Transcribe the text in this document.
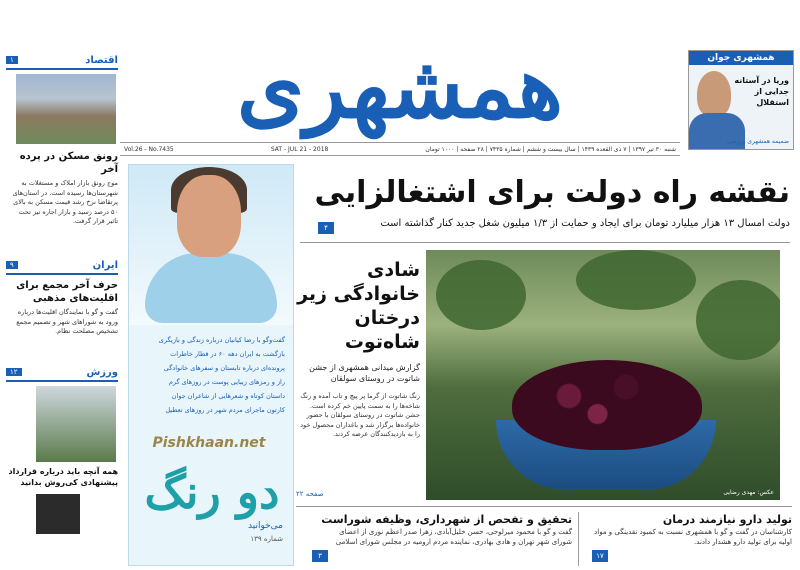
همشهری
Vol.26 - No.7435	SAT - JUL 21 - 2018	شنبه ۳۰ تیر ۱۳۹۷ | ۷ ذی القعده ۱۴۳۹ | سال بیست و ششم | شماره ۷۴۳۵ | ۲۸ صفحه | ۱۰۰۰ تومان
همشهری جوان
وریا در آستانه جدایی از استقلال
ضمیمه همشهری ورزشی
اقتصاد
۱
رونق مسکن در پرده آخر
موج رونق بازار املاک و مستغلات به شهرستان‌ها رسیده است. در استان‌های پرتقاضا نرخ رشد قیمت مسکن به بالای ۵۰ درصد رسید و بازار اجاره نیز تحت تاثیر قرار گرفت.
ایران
۹
حرف آخر مجمع برای اقلیت‌های مذهبی
گفت و گو با نمایندگان اقلیت‌ها درباره ورود به شوراهای شهر و تصمیم مجمع تشخیص مصلحت نظام.
ورزش
۱۲
همه آنچه باید درباره قرارداد پیشنهادی کی‌روش بدانید
گفت‌وگو با رضا کیانیان درباره زندگی و بازیگری
بازگشت به ایران دهه ۶۰ در قطار خاطرات
پرونده‌ای درباره تابستان و سفرهای خانوادگی
راز و رمزهای زیبایی پوست در روزهای گرم
داستان کوتاه و شعرهایی از شاعران جوان
کارتون ماجرای مردم شهر در روزهای تعطیل
Pishkhaan.net
دو رنگ
می‌خوانید
شماره ۱۳۹
نقشه راه دولت برای اشتغالزایی
دولت امسال ۱۳ هزار میلیارد تومان برای ایجاد و حمایت از ۱/۳ میلیون شغل جدید کنار گذاشته است
۴
شادی خانوادگی زیر درختان شاه‌توت
گزارش میدانی همشهری از جشن شاتوت در روستای سولقان
رنگ شاتوت از گرما پر پیچ و تاب آمده و رنگ شاخه‌ها را به سمت پایین خم کرده است. جشن شاتوت در روستای سولقان با حضور خانواده‌ها برگزار شد و باغداران محصول خود را به بازدیدکنندگان عرضه کردند.
صفحه ۲۲	عکس: مهدی رضایی
تولید دارو نیازمند درمان
کارشناسان در گفت و گو با همشهری نسبت به کمبود نقدینگی و مواد اولیه برای تولید دارو هشدار دادند.
۱۷
تحقیق و تفحص از شهرداری، وظیفه شوراست
گفت و گو با محمود میرلوحی، حسن خلیل‌آبادی، زهرا صدر اعظم نوری از اعضای شورای شهر تهران و هادی بهادری، نماینده مردم ارومیه در مجلس شورای اسلامی
۳
